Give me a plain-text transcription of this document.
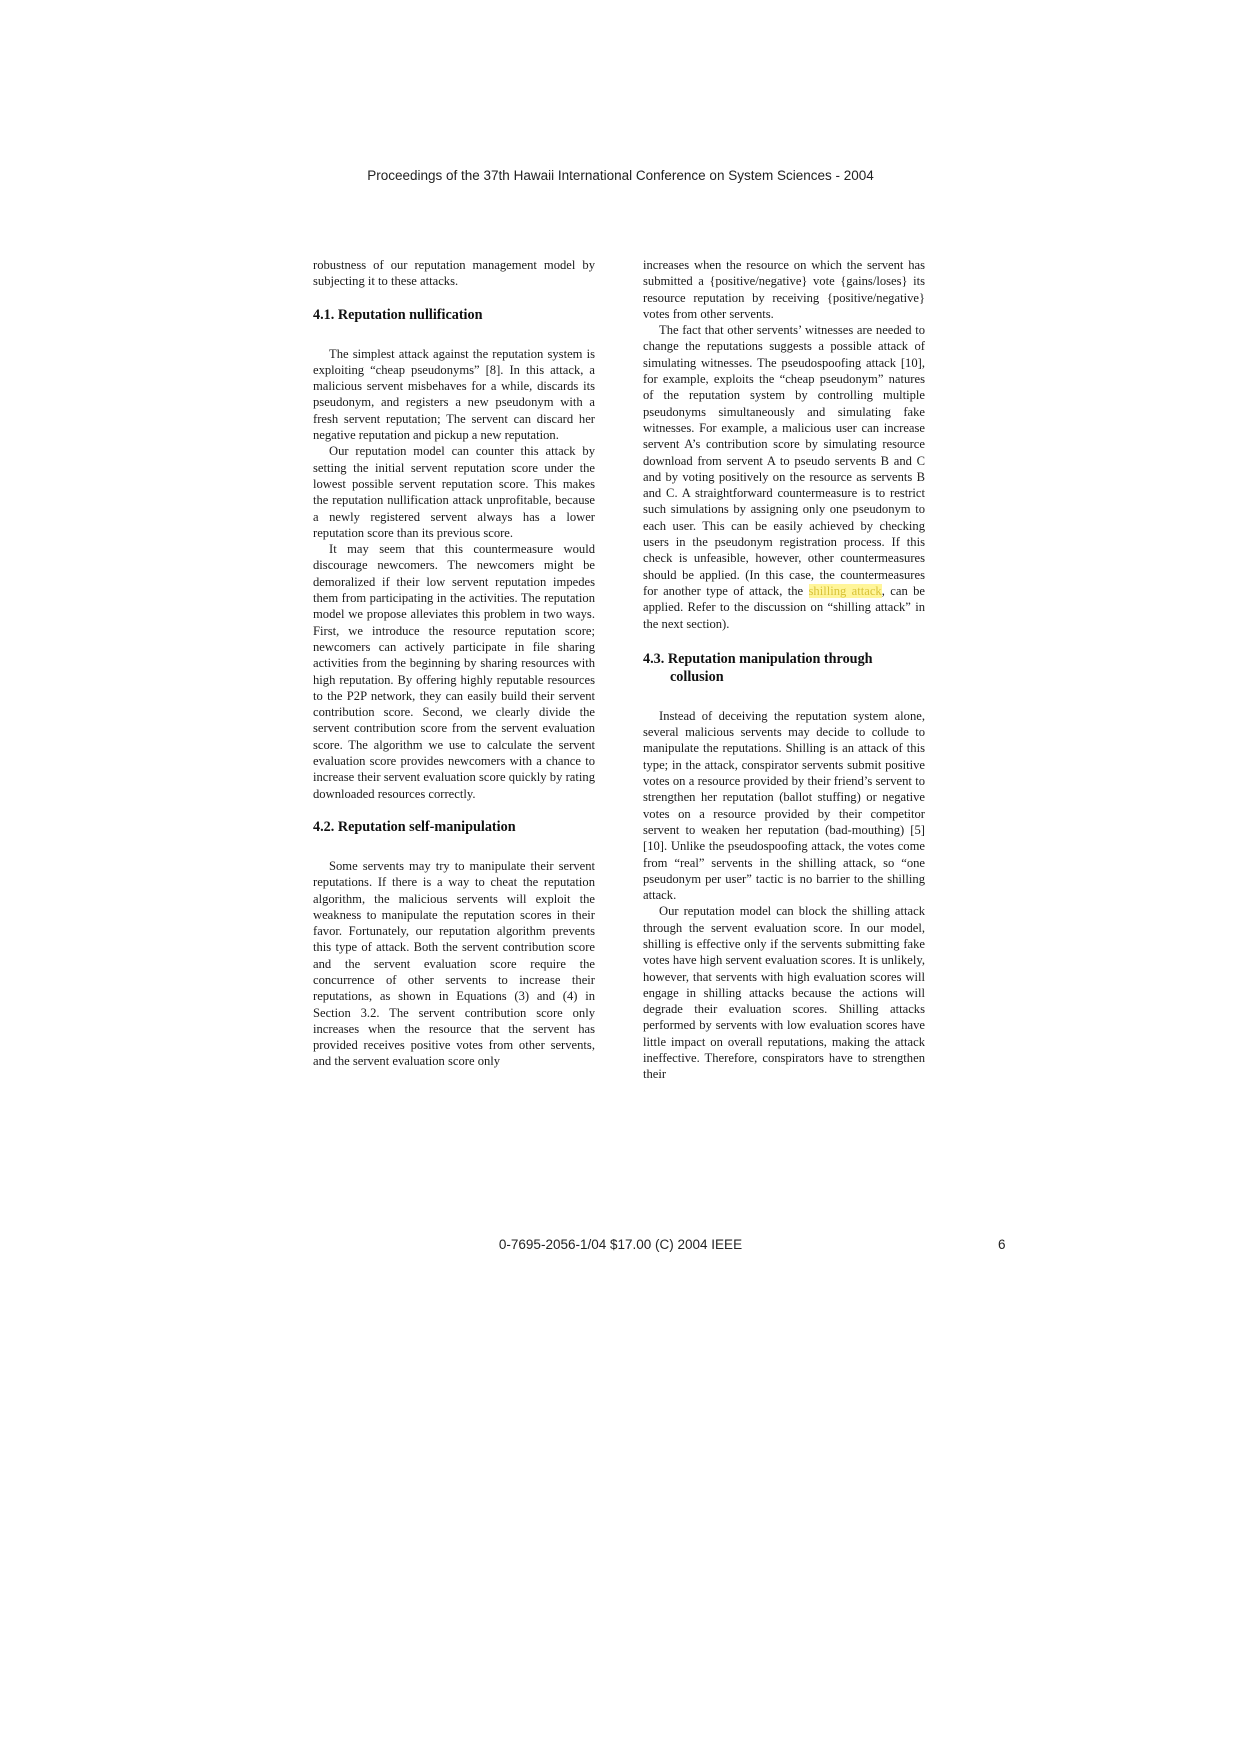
Proceedings of the 37th Hawaii International Conference on System Sciences - 2004

robustness of our reputation management model by subjecting it to these attacks.

4.1. Reputation nullification

The simplest attack against the reputation system is exploiting “cheap pseudonyms” [8]. In this attack, a malicious servent misbehaves for a while, discards its pseudonym, and registers a new pseudonym with a fresh servent reputation; The servent can discard her negative reputation and pickup a new reputation.

Our reputation model can counter this attack by setting the initial servent reputation score under the lowest possible servent reputation score. This makes the reputation nullification attack unprofitable, because a newly registered servent always has a lower reputation score than its previous score.

It may seem that this countermeasure would discourage newcomers. The newcomers might be demoralized if their low servent reputation impedes them from participating in the activities. The reputation model we propose alleviates this problem in two ways. First, we introduce the resource reputation score; newcomers can actively participate in file sharing activities from the beginning by sharing resources with high reputation. By offering highly reputable resources to the P2P network, they can easily build their servent contribution score. Second, we clearly divide the servent contribution score from the servent evaluation score. The algorithm we use to calculate the servent evaluation score provides newcomers with a chance to increase their servent evaluation score quickly by rating downloaded resources correctly.

4.2. Reputation self-manipulation

Some servents may try to manipulate their servent reputations. If there is a way to cheat the reputation algorithm, the malicious servents will exploit the weakness to manipulate the reputation scores in their favor. Fortunately, our reputation algorithm prevents this type of attack. Both the servent contribution score and the servent evaluation score require the concurrence of other servents to increase their reputations, as shown in Equations (3) and (4) in Section 3.2. The servent contribution score only increases when the resource that the servent has provided receives positive votes from other servents, and the servent evaluation score only

increases when the resource on which the servent has submitted a {positive/negative} vote {gains/loses} its resource reputation by receiving {positive/negative} votes from other servents.

The fact that other servents’ witnesses are needed to change the reputations suggests a possible attack of simulating witnesses. The pseudospoofing attack [10], for example, exploits the “cheap pseudonym” natures of the reputation system by controlling multiple pseudonyms simultaneously and simulating fake witnesses. For example, a malicious user can increase servent A’s contribution score by simulating resource download from servent A to pseudo servents B and C and by voting positively on the resource as servents B and C. A straightforward countermeasure is to restrict such simulations by assigning only one pseudonym to each user. This can be easily achieved by checking users in the pseudonym registration process. If this check is unfeasible, however, other countermeasures should be applied. (In this case, the countermeasures for another type of attack, the shilling attack, can be applied. Refer to the discussion on “shilling attack” in the next section).

4.3. Reputation manipulation through collusion

Instead of deceiving the reputation system alone, several malicious servents may decide to collude to manipulate the reputations. Shilling is an attack of this type; in the attack, conspirator servents submit positive votes on a resource provided by their friend’s servent to strengthen her reputation (ballot stuffing) or negative votes on a resource provided by their competitor servent to weaken her reputation (bad-mouthing) [5] [10]. Unlike the pseudospoofing attack, the votes come from “real” servents in the shilling attack, so “one pseudonym per user” tactic is no barrier to the shilling attack.

Our reputation model can block the shilling attack through the servent evaluation score. In our model, shilling is effective only if the servents submitting fake votes have high servent evaluation scores. It is unlikely, however, that servents with high evaluation scores will engage in shilling attacks because the actions will degrade their evaluation scores. Shilling attacks performed by servents with low evaluation scores have little impact on overall reputations, making the attack ineffective. Therefore, conspirators have to strengthen their

0-7695-2056-1/04 $17.00 (C) 2004 IEEE	6
